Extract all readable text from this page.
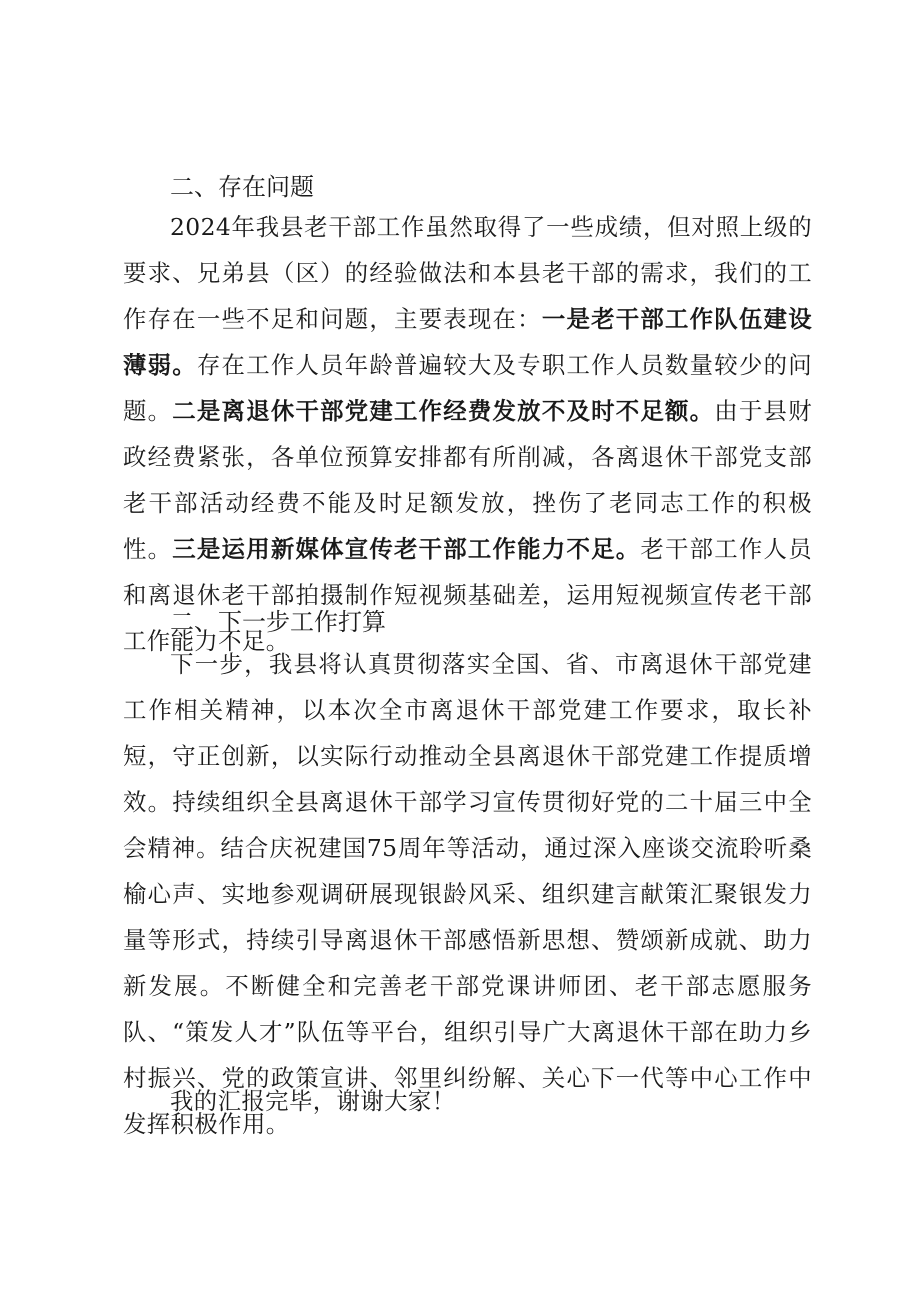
二、存在问题

2024年我县老干部工作虽然取得了一些成绩，但对照上级的要求、兄弟县（区）的经验做法和本县老干部的需求，我们的工作存在一些不足和问题，主要表现在：一是老干部工作队伍建设薄弱。存在工作人员年龄普遍较大及专职工作人员数量较少的问题。二是离退休干部党建工作经费发放不及时不足额。由于县财政经费紧张，各单位预算安排都有所削减，各离退休干部党支部老干部活动经费不能及时足额发放，挫伤了老同志工作的积极性。三是运用新媒体宣传老干部工作能力不足。老干部工作人员和离退休老干部拍摄制作短视频基础差，运用短视频宣传老干部工作能力不足。

二、下一步工作打算

下一步，我县将认真贯彻落实全国、省、市离退休干部党建工作相关精神，以本次全市离退休干部党建工作要求，取长补短，守正创新，以实际行动推动全县离退休干部党建工作提质增效。持续组织全县离退休干部学习宣传贯彻好党的二十届三中全会精神。结合庆祝建国75周年等活动，通过深入座谈交流聆听桑榆心声、实地参观调研展现银龄风采、组织建言献策汇聚银发力量等形式，持续引导离退休干部感悟新思想、赞颂新成就、助力新发展。不断健全和完善老干部党课讲师团、老干部志愿服务队、“策发人才”队伍等平台，组织引导广大离退休干部在助力乡村振兴、党的政策宣讲、邻里纠纷解、关心下一代等中心工作中发挥积极作用。

我的汇报完毕，谢谢大家！
